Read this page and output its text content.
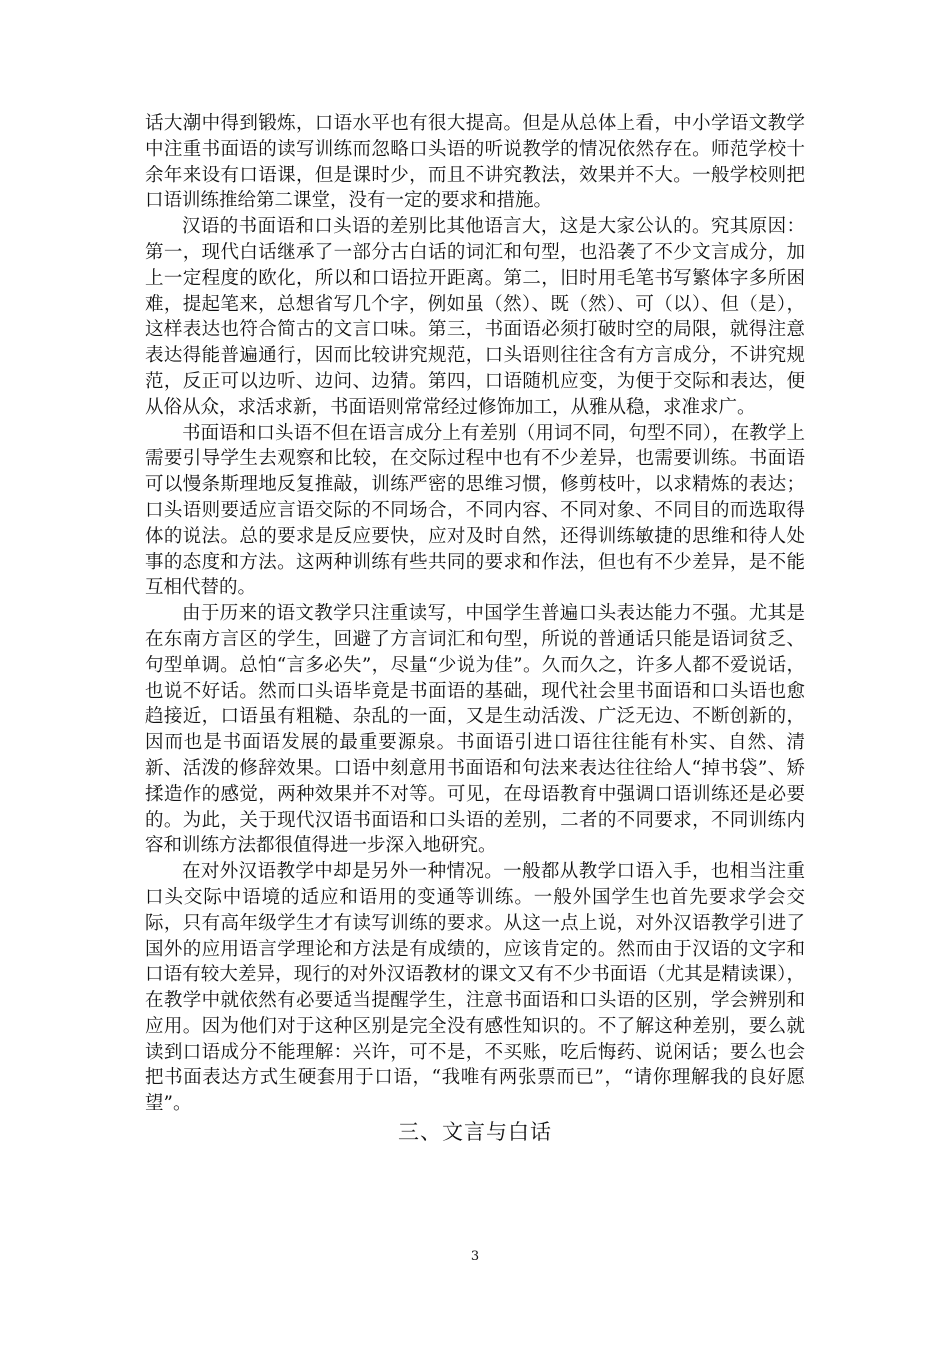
话大潮中得到锻炼，口语水平也有很大提高。但是从总体上看，中小学语文教学中注重书面语的读写训练而忽略口头语的听说教学的情况依然存在。师范学校十余年来设有口语课，但是课时少，而且不讲究教法，效果并不大。一般学校则把口语训练推给第二课堂，没有一定的要求和措施。

汉语的书面语和口头语的差别比其他语言大，这是大家公认的。究其原因：第一，现代白话继承了一部分古白话的词汇和句型，也沿袭了不少文言成分，加上一定程度的欧化，所以和口语拉开距离。第二，旧时用毛笔书写繁体字多所困难，提起笔来，总想省写几个字，例如虽（然）、既（然）、可（以）、但（是），这样表达也符合简古的文言口味。第三，书面语必须打破时空的局限，就得注意表达得能普遍通行，因而比较讲究规范，口头语则往往含有方言成分，不讲究规范，反正可以边听、边问、边猜。第四，口语随机应变，为便于交际和表达，便从俗从众，求活求新，书面语则常常经过修饰加工，从雅从稳，求准求广。

书面语和口头语不但在语言成分上有差别（用词不同，句型不同），在教学上需要引导学生去观察和比较，在交际过程中也有不少差异，也需要训练。书面语可以慢条斯理地反复推敲，训练严密的思维习惯，修剪枝叶，以求精炼的表达；口头语则要适应言语交际的不同场合，不同内容、不同对象、不同目的而选取得体的说法。总的要求是反应要快，应对及时自然，还得训练敏捷的思维和待人处事的态度和方法。这两种训练有些共同的要求和作法，但也有不少差异，是不能互相代替的。

由于历来的语文教学只注重读写，中国学生普遍口头表达能力不强。尤其是在东南方言区的学生，回避了方言词汇和句型，所说的普通话只能是语词贫乏、句型单调。总怕“言多必失”，尽量“少说为佳”。久而久之，许多人都不爱说话，也说不好话。然而口头语毕竟是书面语的基础，现代社会里书面语和口头语也愈趋接近，口语虽有粗糙、杂乱的一面，又是生动活泼、广泛无边、不断创新的，因而也是书面语发展的最重要源泉。书面语引进口语往往能有朴实、自然、清新、活泼的修辞效果。口语中刻意用书面语和句法来表达往往给人“掉书袋”、矫揉造作的感觉，两种效果并不对等。可见，在母语教育中强调口语训练还是必要的。为此，关于现代汉语书面语和口头语的差别，二者的不同要求，不同训练内容和训练方法都很值得进一步深入地研究。

在对外汉语教学中却是另外一种情况。一般都从教学口语入手，也相当注重口头交际中语境的适应和语用的变通等训练。一般外国学生也首先要求学会交际，只有高年级学生才有读写训练的要求。从这一点上说，对外汉语教学引进了国外的应用语言学理论和方法是有成绩的，应该肯定的。然而由于汉语的文字和口语有较大差异，现行的对外汉语教材的课文又有不少书面语（尤其是精读课），在教学中就依然有必要适当提醒学生，注意书面语和口头语的区别，学会辨别和应用。因为他们对于这种区别是完全没有感性知识的。不了解这种差别，要么就读到口语成分不能理解：兴许，可不是，不买账，吃后悔药、说闲话；要么也会把书面表达方式生硬套用于口语，“我唯有两张票而已”，“请你理解我的良好愿望”。

三、文言与白话
3
